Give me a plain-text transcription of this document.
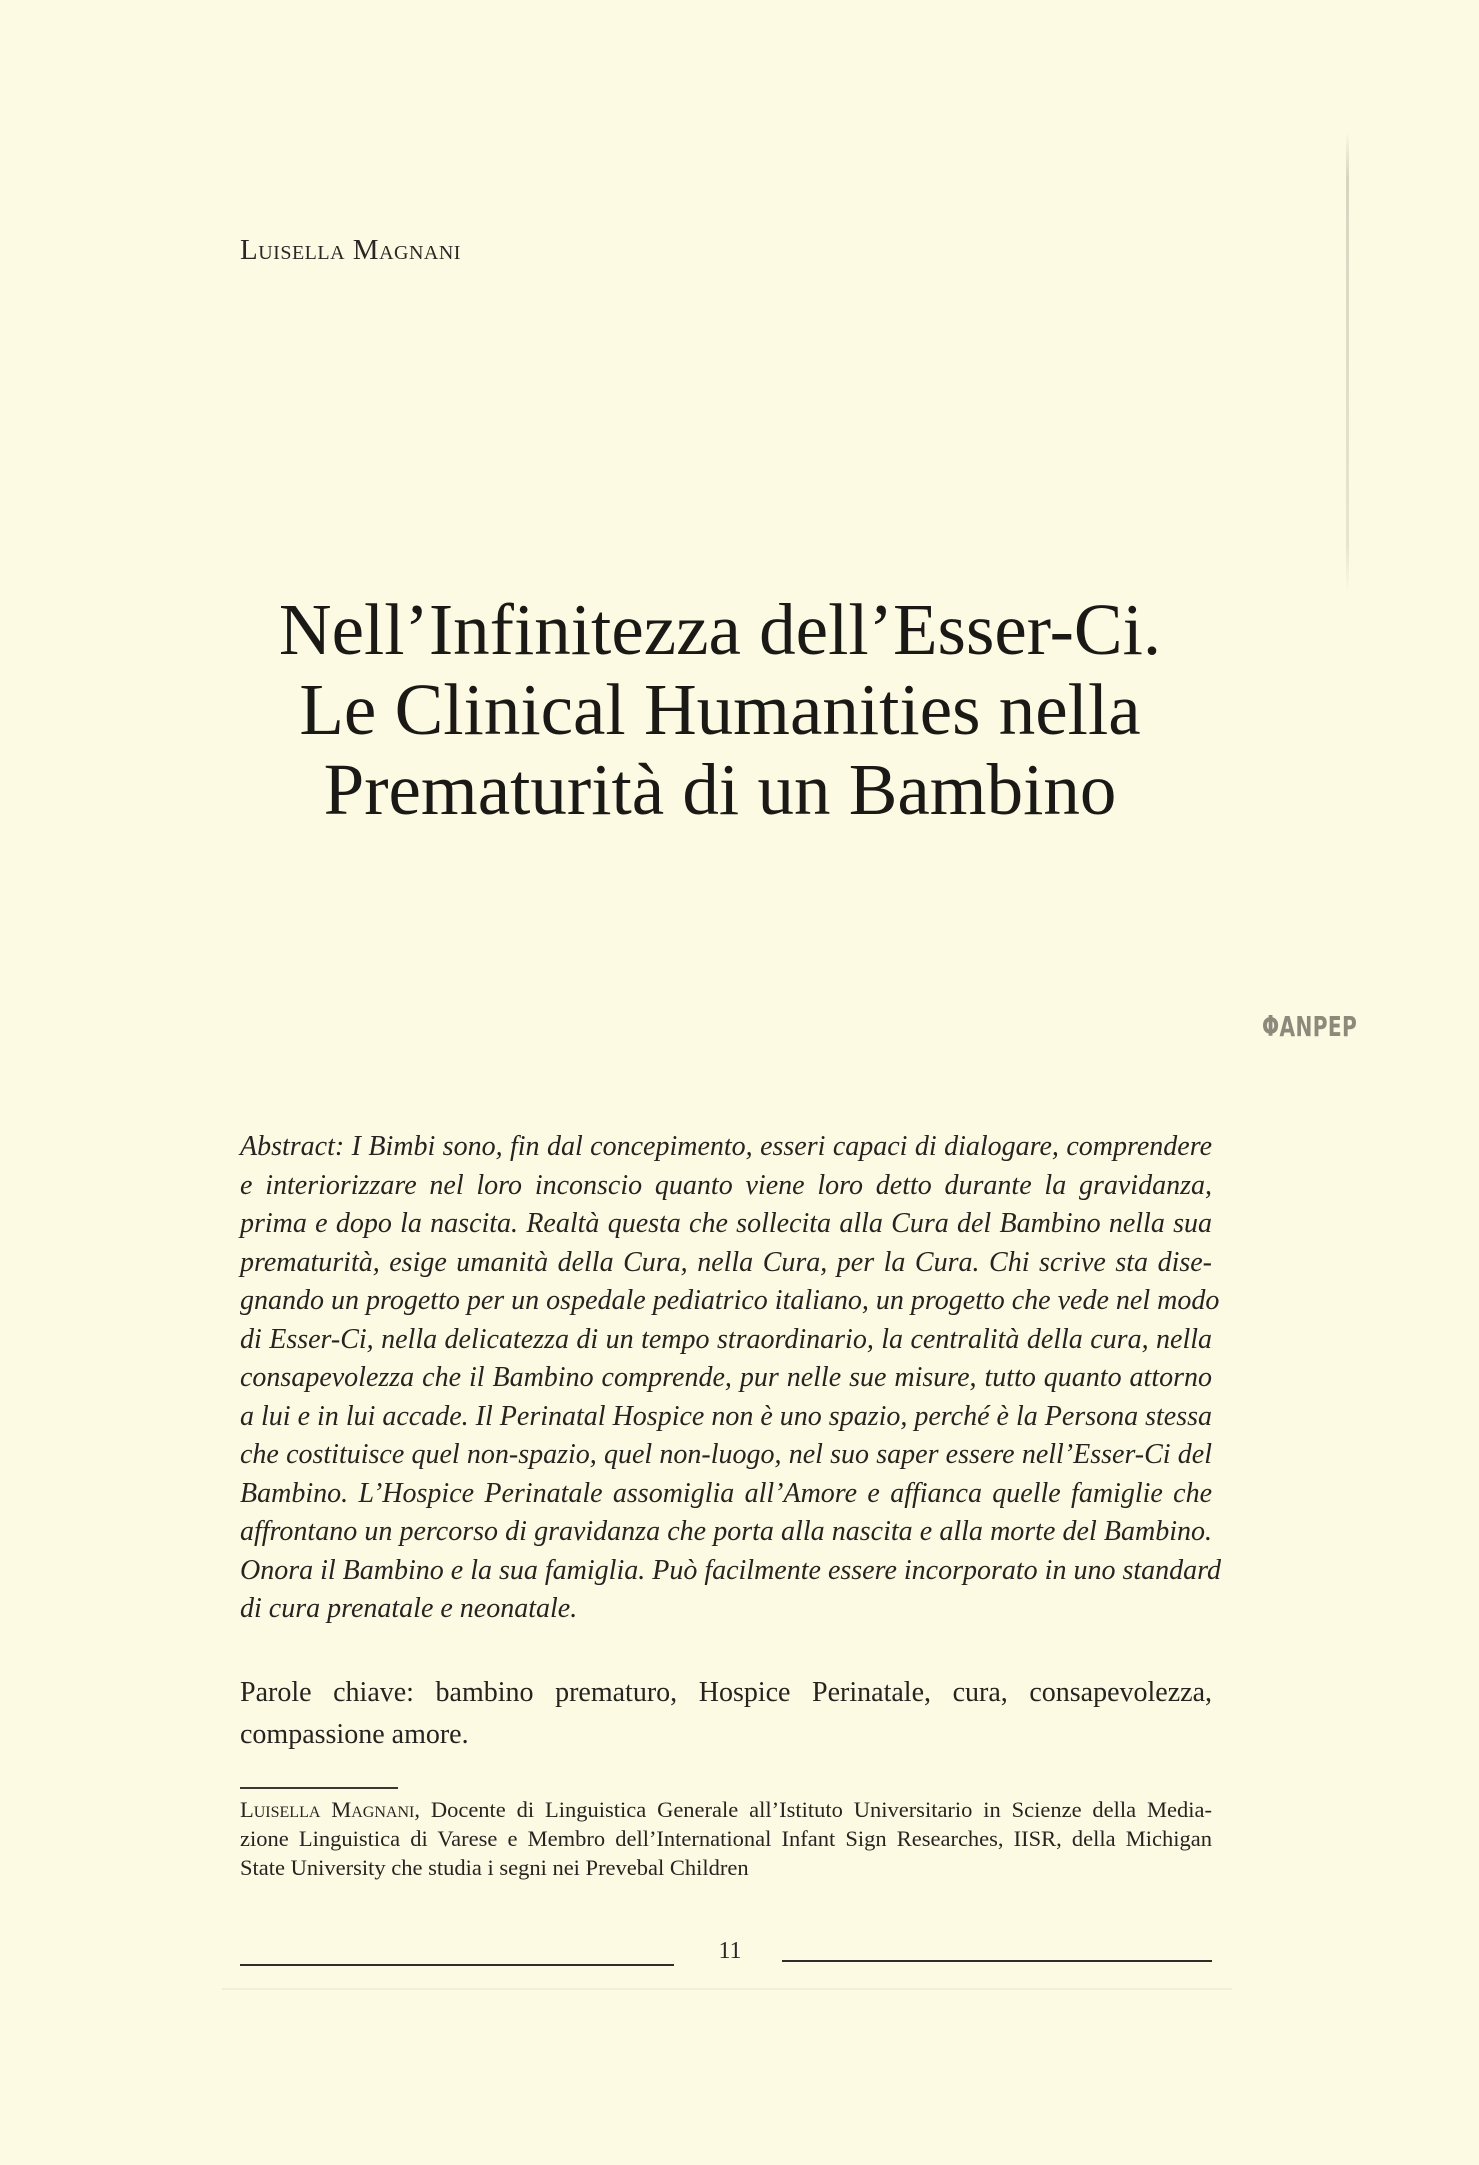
Luisella Magnani
Nell’Infinitezza dell’Esser-Ci.
Le Clinical Humanities nella
Prematurità di un Bambino
ΦANPEP
Abstract: I Bimbi sono, fin dal concepimento, esseri capaci di dialogare, comprendere
e interiorizzare nel loro inconscio quanto viene loro detto durante la gravidanza,
prima e dopo la nascita. Realtà questa che sollecita alla Cura del Bambino nella sua
prematurità, esige umanità della Cura, nella Cura, per la Cura. Chi scrive sta dise-
gnando un progetto per un ospedale pediatrico italiano, un progetto che vede nel modo
di Esser-Ci, nella delicatezza di un tempo straordinario, la centralità della cura, nella
consapevolezza che il Bambino comprende, pur nelle sue misure, tutto quanto attorno
a lui e in lui accade. Il Perinatal Hospice non è uno spazio, perché è la Persona stessa
che costituisce quel non-spazio, quel non-luogo, nel suo saper essere nell’Esser-Ci del
Bambino. L’Hospice Perinatale assomiglia all’Amore e affianca quelle famiglie che
affrontano un percorso di gravidanza che porta alla nascita e alla morte del Bambino.
Onora il Bambino e la sua famiglia. Può facilmente essere incorporato in uno standard
di cura prenatale e neonatale.
Parole chiave: bambino prematuro, Hospice Perinatale, cura, consapevolezza,
compassione amore.
Luisella Magnani, Docente di Linguistica Generale all’Istituto Universitario in Scienze della Media-
zione Linguistica di Varese e Membro dell’International Infant Sign Researches, IISR, della Michigan
State University che studia i segni nei Prevebal Children
11
